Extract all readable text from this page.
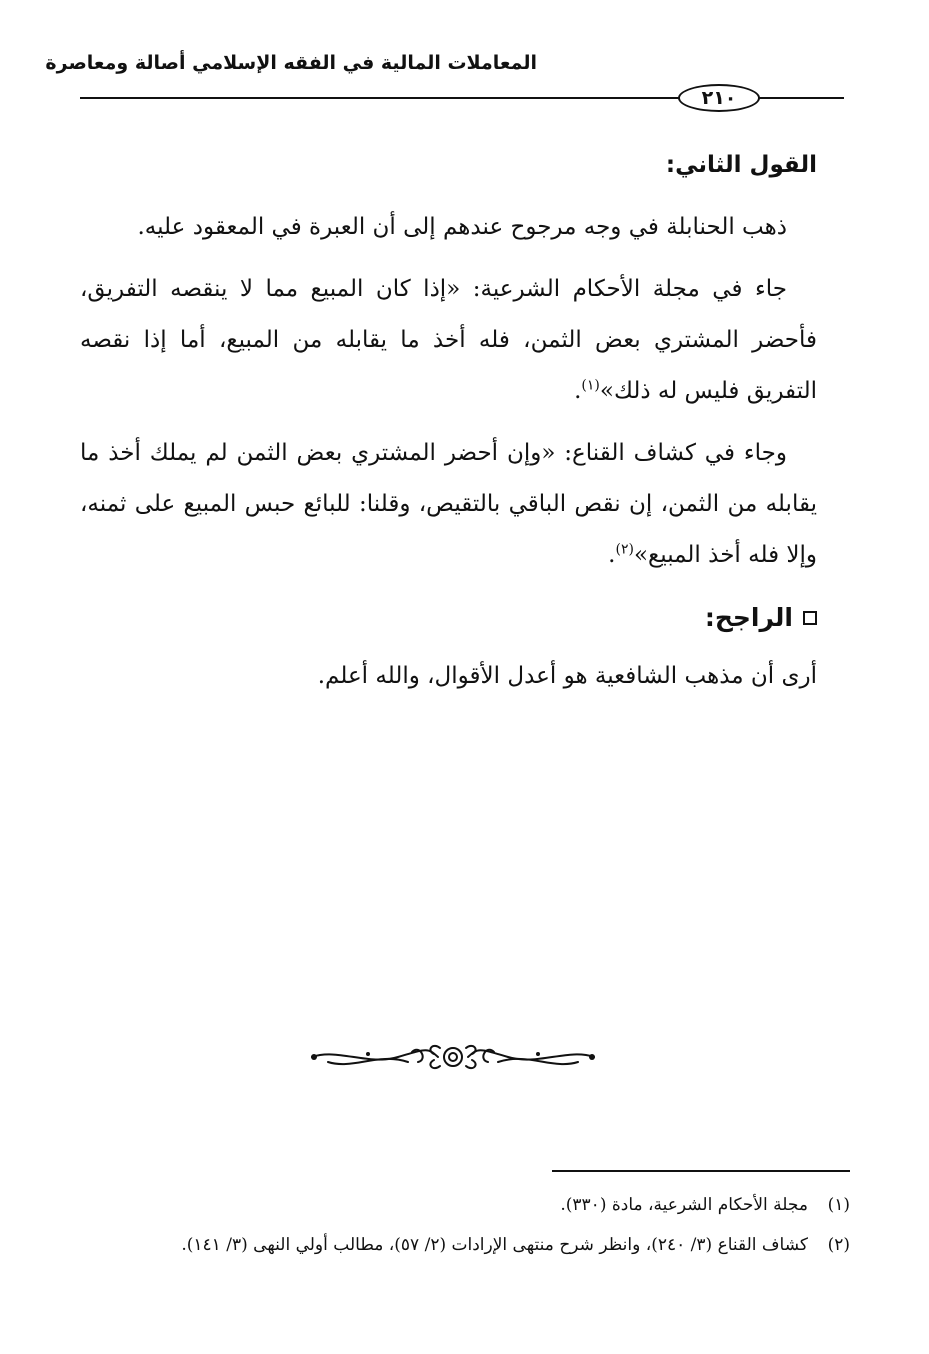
المعاملات المالية في الفقه الإسلامي أصالة ومعاصرة
٢١٠

القول الثاني:

ذهب الحنابلة في وجه مرجوح عندهم إلى أن العبرة في المعقود عليه.

جاء في مجلة الأحكام الشرعية: «إذا كان المبيع مما لا ينقصه التفريق، فأحضر المشتري بعض الثمن، فله أخذ ما يقابله من المبيع، أما إذا نقصه التفريق فليس له ذلك»$^{(١)}$.

وجاء في كشاف القناع: «وإن أحضر المشتري بعض الثمن لم يملك أخذ ما يقابله من الثمن، إن نقص الباقي بالتقيص، وقلنا: للبائع حبس المبيع على ثمنه، وإلا فله أخذ المبيع»$^{(٢)}$.

الراجح:

أرى أن مذهب الشافعية هو أعدل الأقوال، والله أعلم.

(١)
مجلة الأحكام الشرعية، مادة (٣٣٠).
(٢)
كشاف القناع (٣/ ٢٤٠)، وانظر شرح منتهى الإرادات (٢/ ٥٧)، مطالب أولي النهى (٣/ ١٤١).
